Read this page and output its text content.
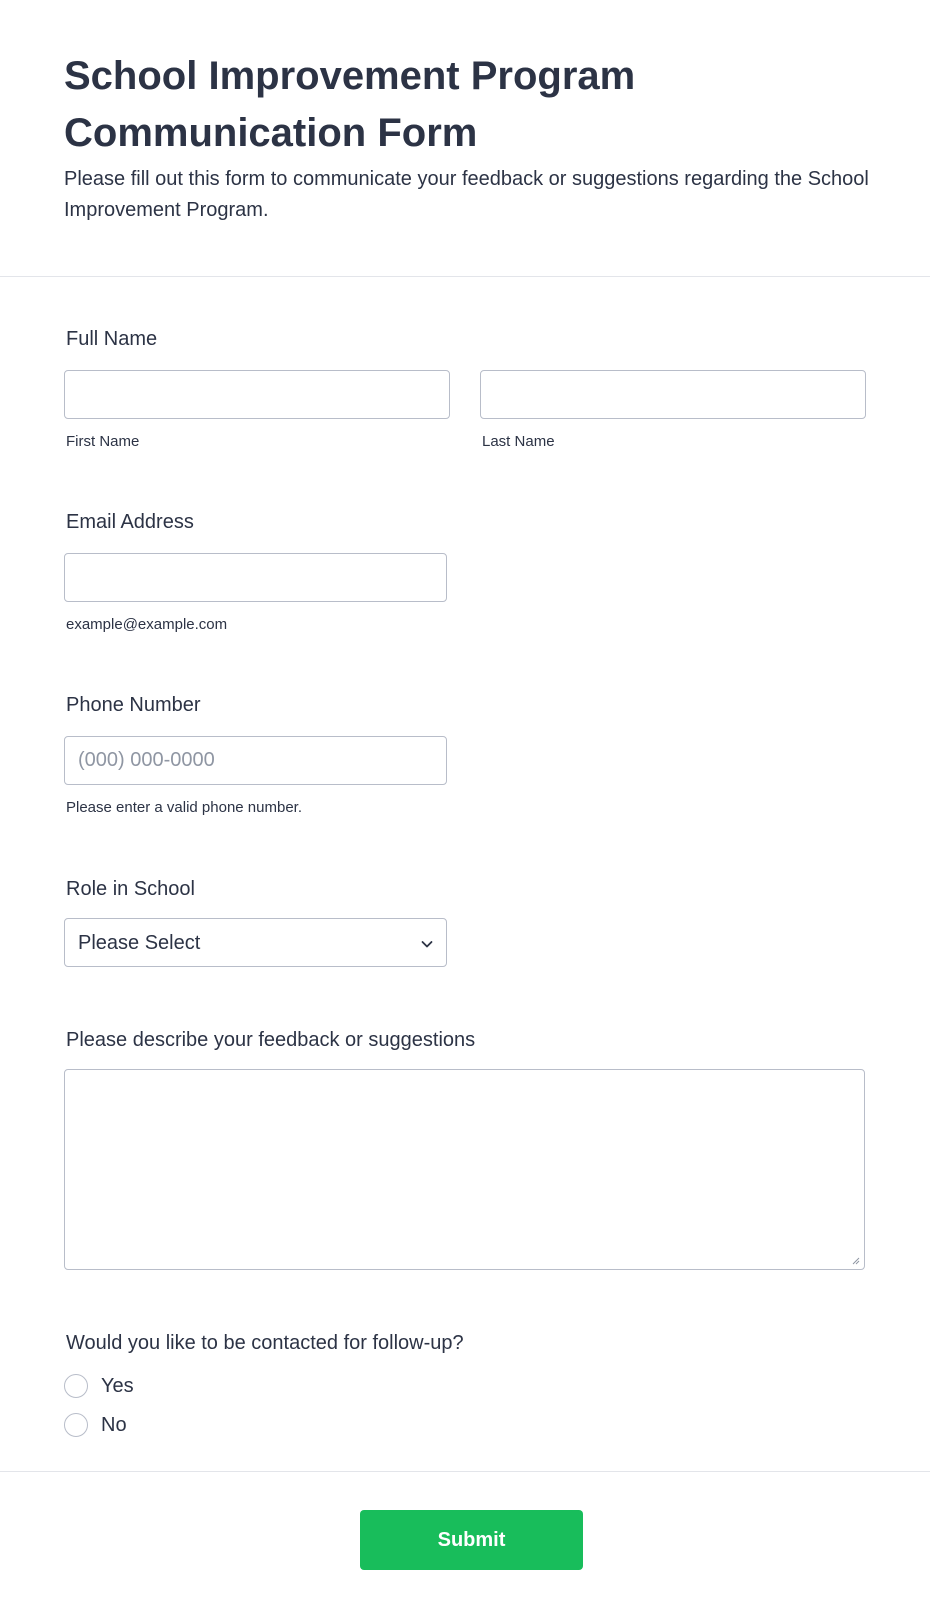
School Improvement Program Communication Form

Please fill out this form to communicate your feedback or suggestions regarding the School Improvement Program.

Full Name
First Name	Last Name
Email Address
example@example.com
Phone Number
(000) 000-0000
Please enter a valid phone number.
Role in School
Please Select
Please describe your feedback or suggestions
Would you like to be contacted for follow-up?
Yes
No
Submit
